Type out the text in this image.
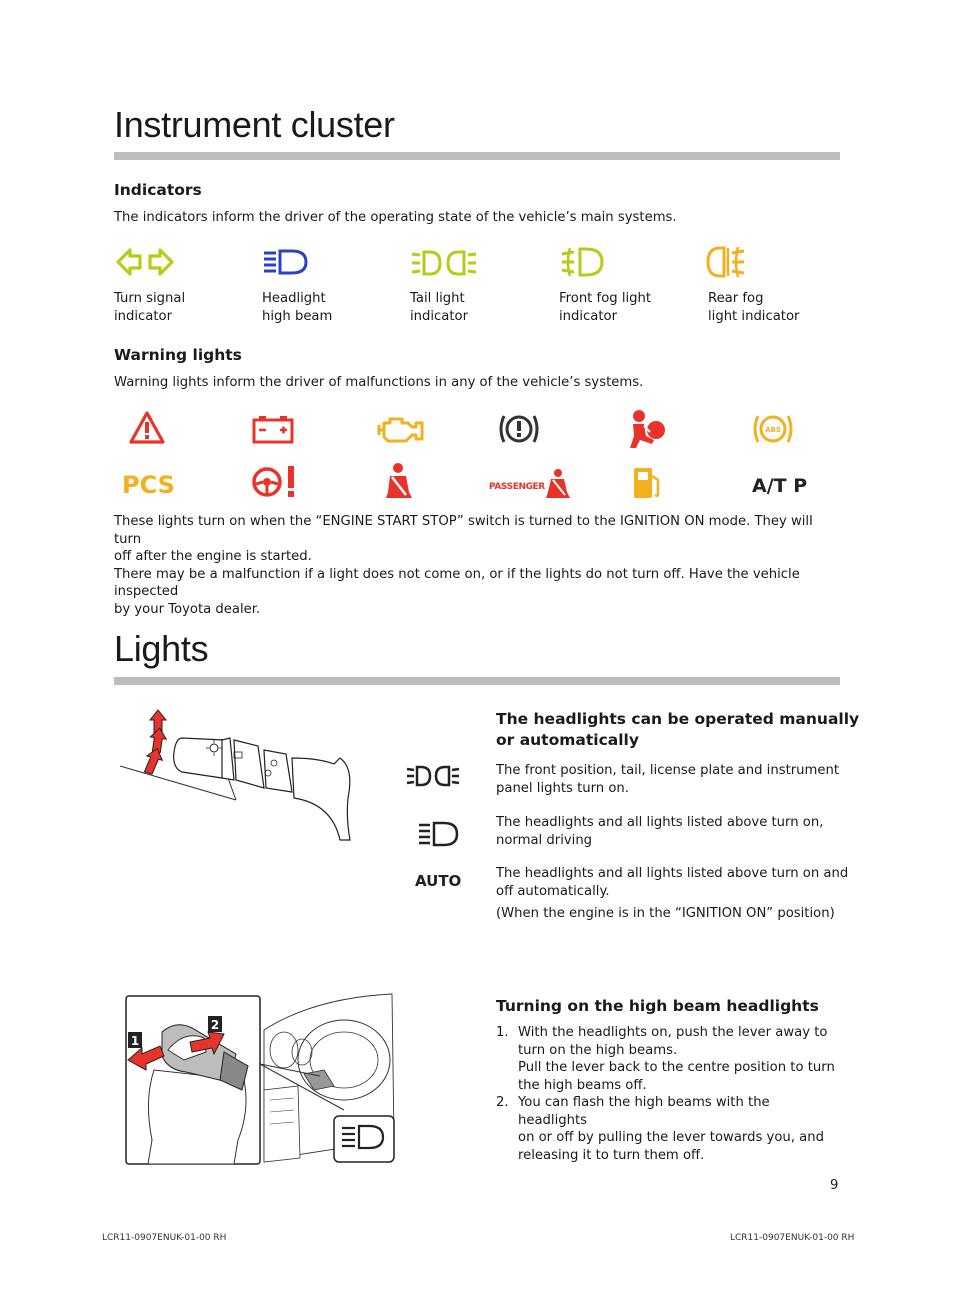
Instrument cluster
Indicators
The indicators inform the driver of the operating state of the vehicle’s main systems.
Turn signal
indicator
Headlight
high beam
Tail light
indicator
Front fog light
indicator
Rear fog
light indicator
Warning lights
Warning lights inform the driver of malfunctions in any of the vehicle’s systems.
ABS
PCS	PASSENGER	A/T P
These lights turn on when the “ENGINE START STOP” switch is turned to the IGNITION ON mode. They will turn
off after the engine is started.
There may be a malfunction if a light does not come on, or if the lights do not turn off. Have the vehicle inspected
by your Toyota dealer.
Lights
The headlights can be operated manually
or automatically
The front position, tail, license plate and instrument
panel lights turn on.
The headlights and all lights listed above turn on,
normal driving
AUTO	The headlights and all lights listed above turn on and
off automatically.
(When the engine is in the “IGNITION ON” position)
1
2
Turning on the high beam headlights
1. With the headlights on, push the lever away to
turn on the high beams.
Pull the lever back to the centre position to turn
the high beams off.
2. You can flash the high beams with the headlights
on or off by pulling the lever towards you, and
releasing it to turn them off.
9
LCR11-0907ENUK-01-00 RH	LCR11-0907ENUK-01-00 RH
